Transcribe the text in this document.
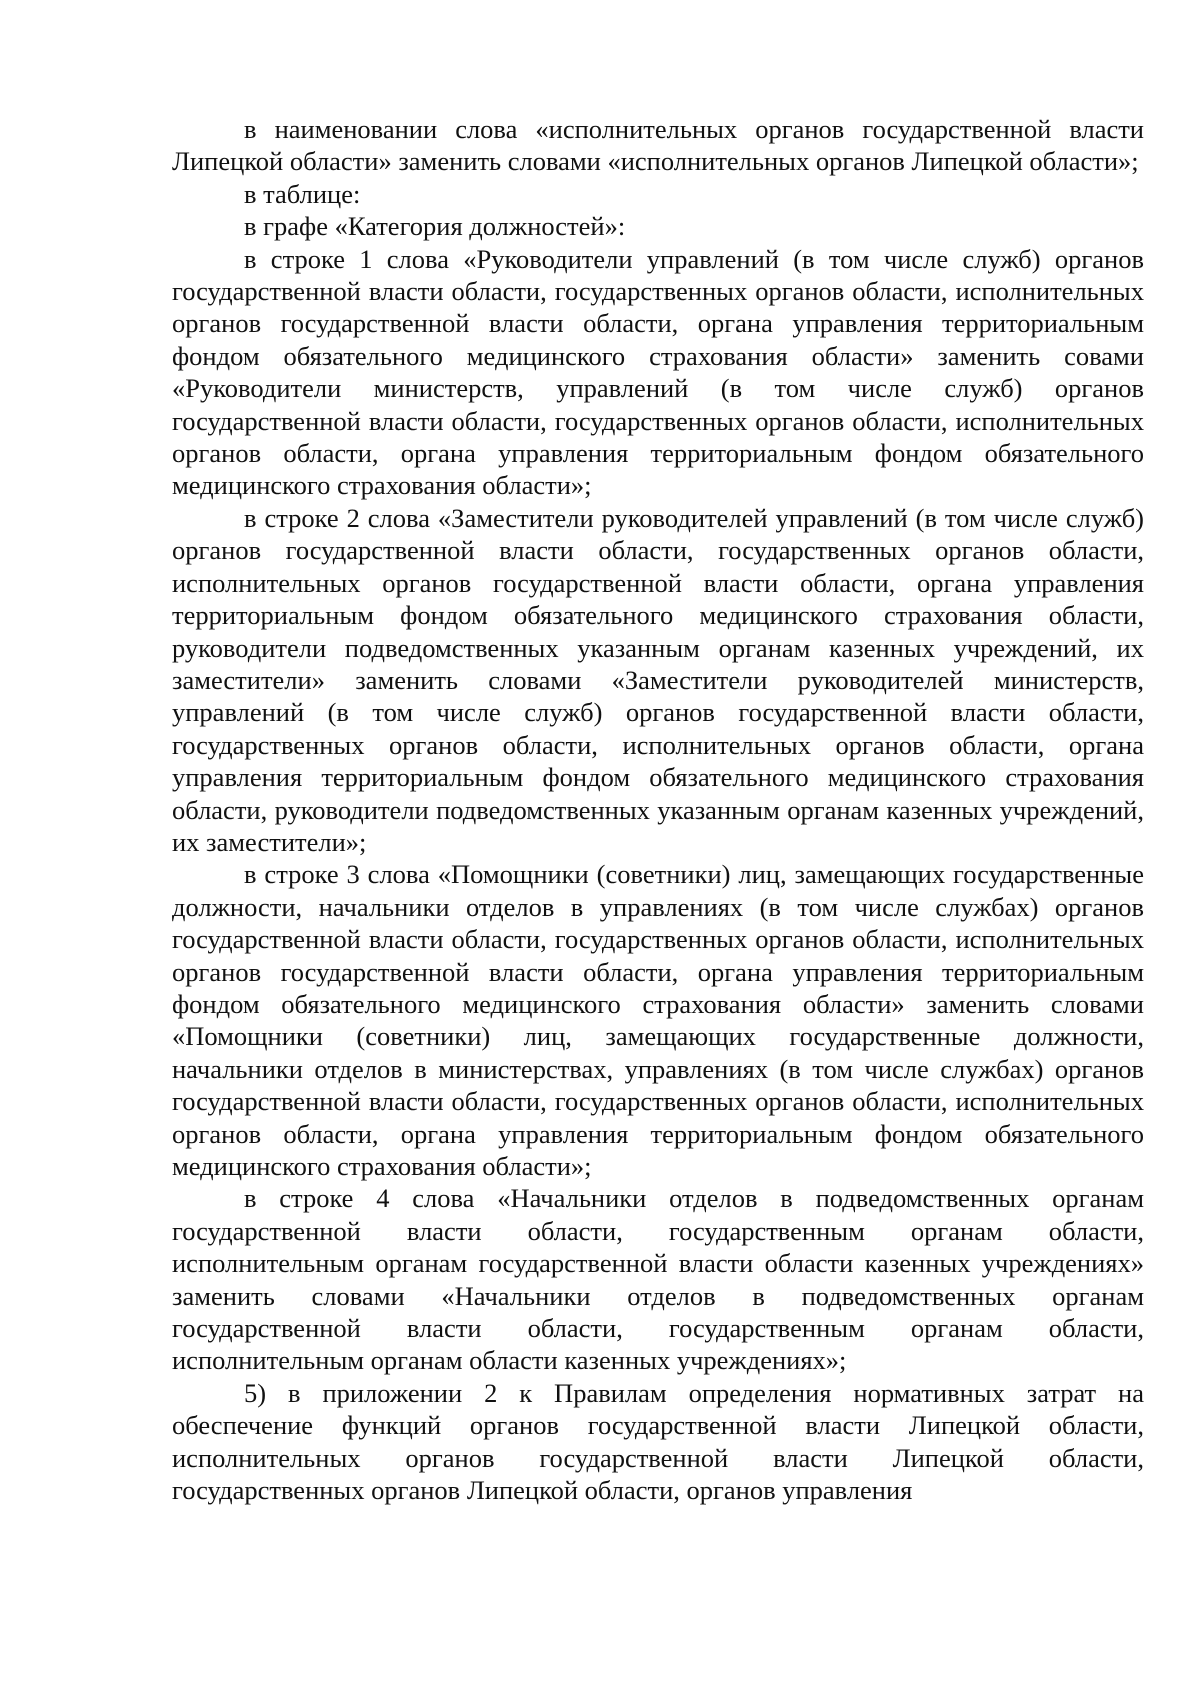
в наименовании слова «исполнительных органов государственной власти Липецкой области» заменить словами «исполнительных органов Липецкой области»;

в таблице:

в графе «Категория должностей»:

в строке 1 слова «Руководители управлений (в том числе служб) органов государственной власти области, государственных органов области, исполнительных органов государственной власти области, органа управления территориальным фондом обязательного медицинского страхования области» заменить совами «Руководители министерств, управлений (в том числе служб) органов государственной власти области, государственных органов области, исполнительных органов области, органа управления территориальным фондом обязательного медицинского страхования области»;

в строке 2 слова «Заместители руководителей управлений (в том числе служб) органов государственной власти области, государственных органов области, исполнительных органов государственной власти области, органа управления территориальным фондом обязательного медицинского страхования области, руководители подведомственных указанным органам казенных учреждений, их заместители» заменить словами «Заместители руководителей министерств, управлений (в том числе служб) органов государственной власти области, государственных органов области, исполнительных органов области, органа управления территориальным фондом обязательного медицинского страхования области, руководители подведомственных указанным органам казенных учреждений, их заместители»;

в строке 3 слова «Помощники (советники) лиц, замещающих государственные должности, начальники отделов в управлениях (в том числе службах) органов государственной власти области, государственных органов области, исполнительных органов государственной власти области, органа управления территориальным фондом обязательного медицинского страхования области» заменить словами «Помощники (советники) лиц, замещающих государственные должности, начальники отделов в министерствах, управлениях (в том числе службах) органов государственной власти области, государственных органов области, исполнительных органов области, органа управления территориальным фондом обязательного медицинского страхования области»;

в строке 4 слова «Начальники отделов в подведомственных органам государственной власти области, государственным органам области, исполнительным органам государственной власти области казенных учреждениях» заменить словами «Начальники отделов в подведомственных органам государственной власти области, государственным органам области, исполнительным органам области казенных учреждениях»;

5) в приложении 2 к Правилам определения нормативных затрат на обеспечение функций органов государственной власти Липецкой области, исполнительных органов государственной власти Липецкой области, государственных органов Липецкой области, органов управления
